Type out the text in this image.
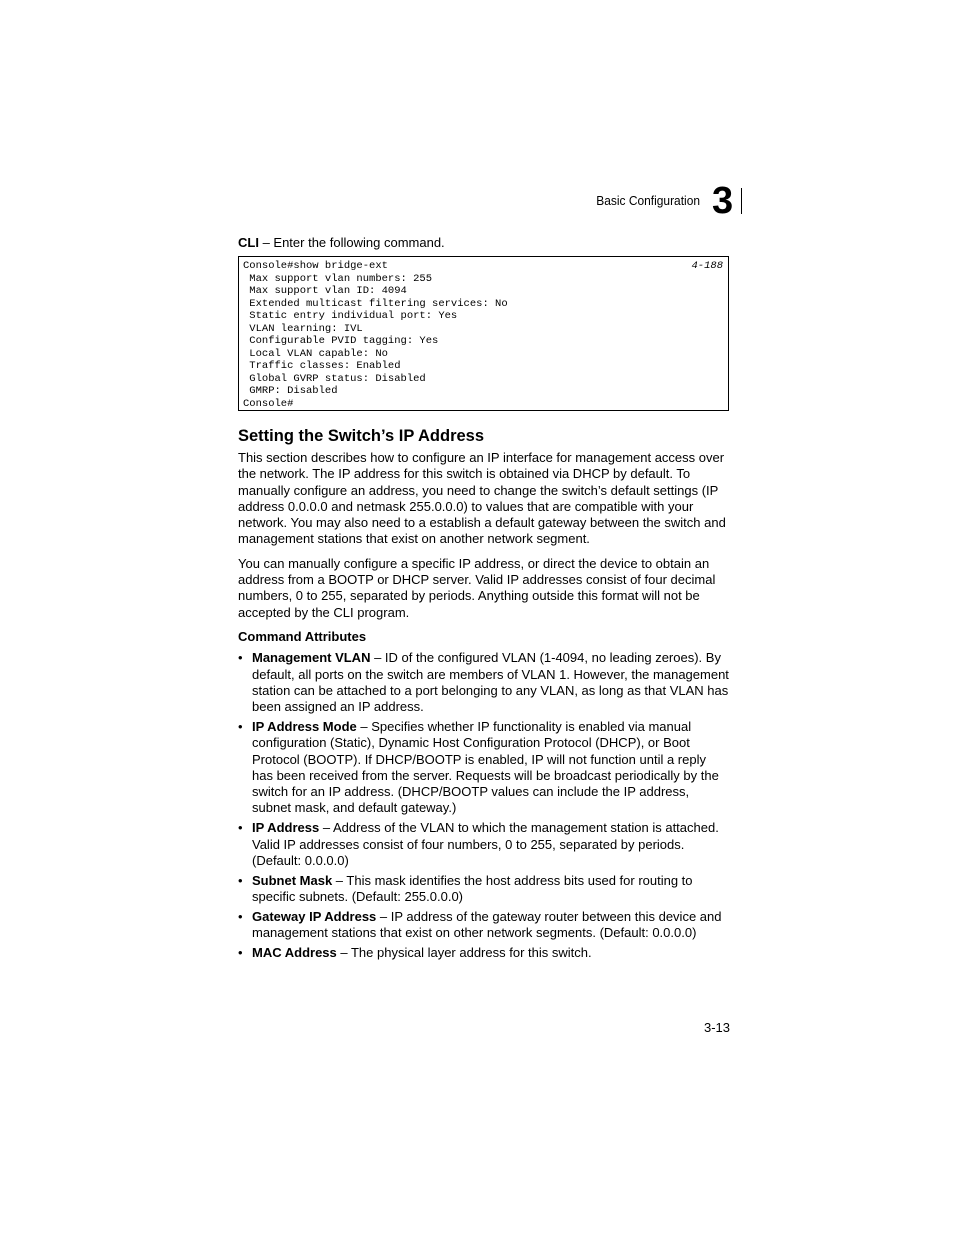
Basic Configuration 3
CLI – Enter the following command.
Console#show bridge-ext
Max support vlan numbers: 255
Max support vlan ID: 4094
Extended multicast filtering services: No
Static entry individual port: Yes
VLAN learning: IVL
Configurable PVID tagging: Yes
Local VLAN capable: No
Traffic classes: Enabled
Global GVRP status: Disabled
GMRP: Disabled
Console#
4-188
Setting the Switch’s IP Address

This section describes how to configure an IP interface for management access over the network. The IP address for this switch is obtained via DHCP by default. To manually configure an address, you need to change the switch’s default settings (IP address 0.0.0.0 and netmask 255.0.0.0) to values that are compatible with your network. You may also need to a establish a default gateway between the switch and management stations that exist on another network segment.

You can manually configure a specific IP address, or direct the device to obtain an address from a BOOTP or DHCP server. Valid IP addresses consist of four decimal numbers, 0 to 255, separated by periods. Anything outside this format will not be accepted by the CLI program.

Command Attributes
• Management VLAN – ID of the configured VLAN (1-4094, no leading zeroes). By default, all ports on the switch are members of VLAN 1. However, the management station can be attached to a port belonging to any VLAN, as long as that VLAN has been assigned an IP address.
• IP Address Mode – Specifies whether IP functionality is enabled via manual configuration (Static), Dynamic Host Configuration Protocol (DHCP), or Boot Protocol (BOOTP). If DHCP/BOOTP is enabled, IP will not function until a reply has been received from the server. Requests will be broadcast periodically by the switch for an IP address. (DHCP/BOOTP values can include the IP address, subnet mask, and default gateway.)
• IP Address – Address of the VLAN to which the management station is attached. Valid IP addresses consist of four numbers, 0 to 255, separated by periods. (Default: 0.0.0.0)
• Subnet Mask – This mask identifies the host address bits used for routing to specific subnets. (Default: 255.0.0.0)
• Gateway IP Address – IP address of the gateway router between this device and management stations that exist on other network segments. (Default: 0.0.0.0)
• MAC Address – The physical layer address for this switch.
3-13
